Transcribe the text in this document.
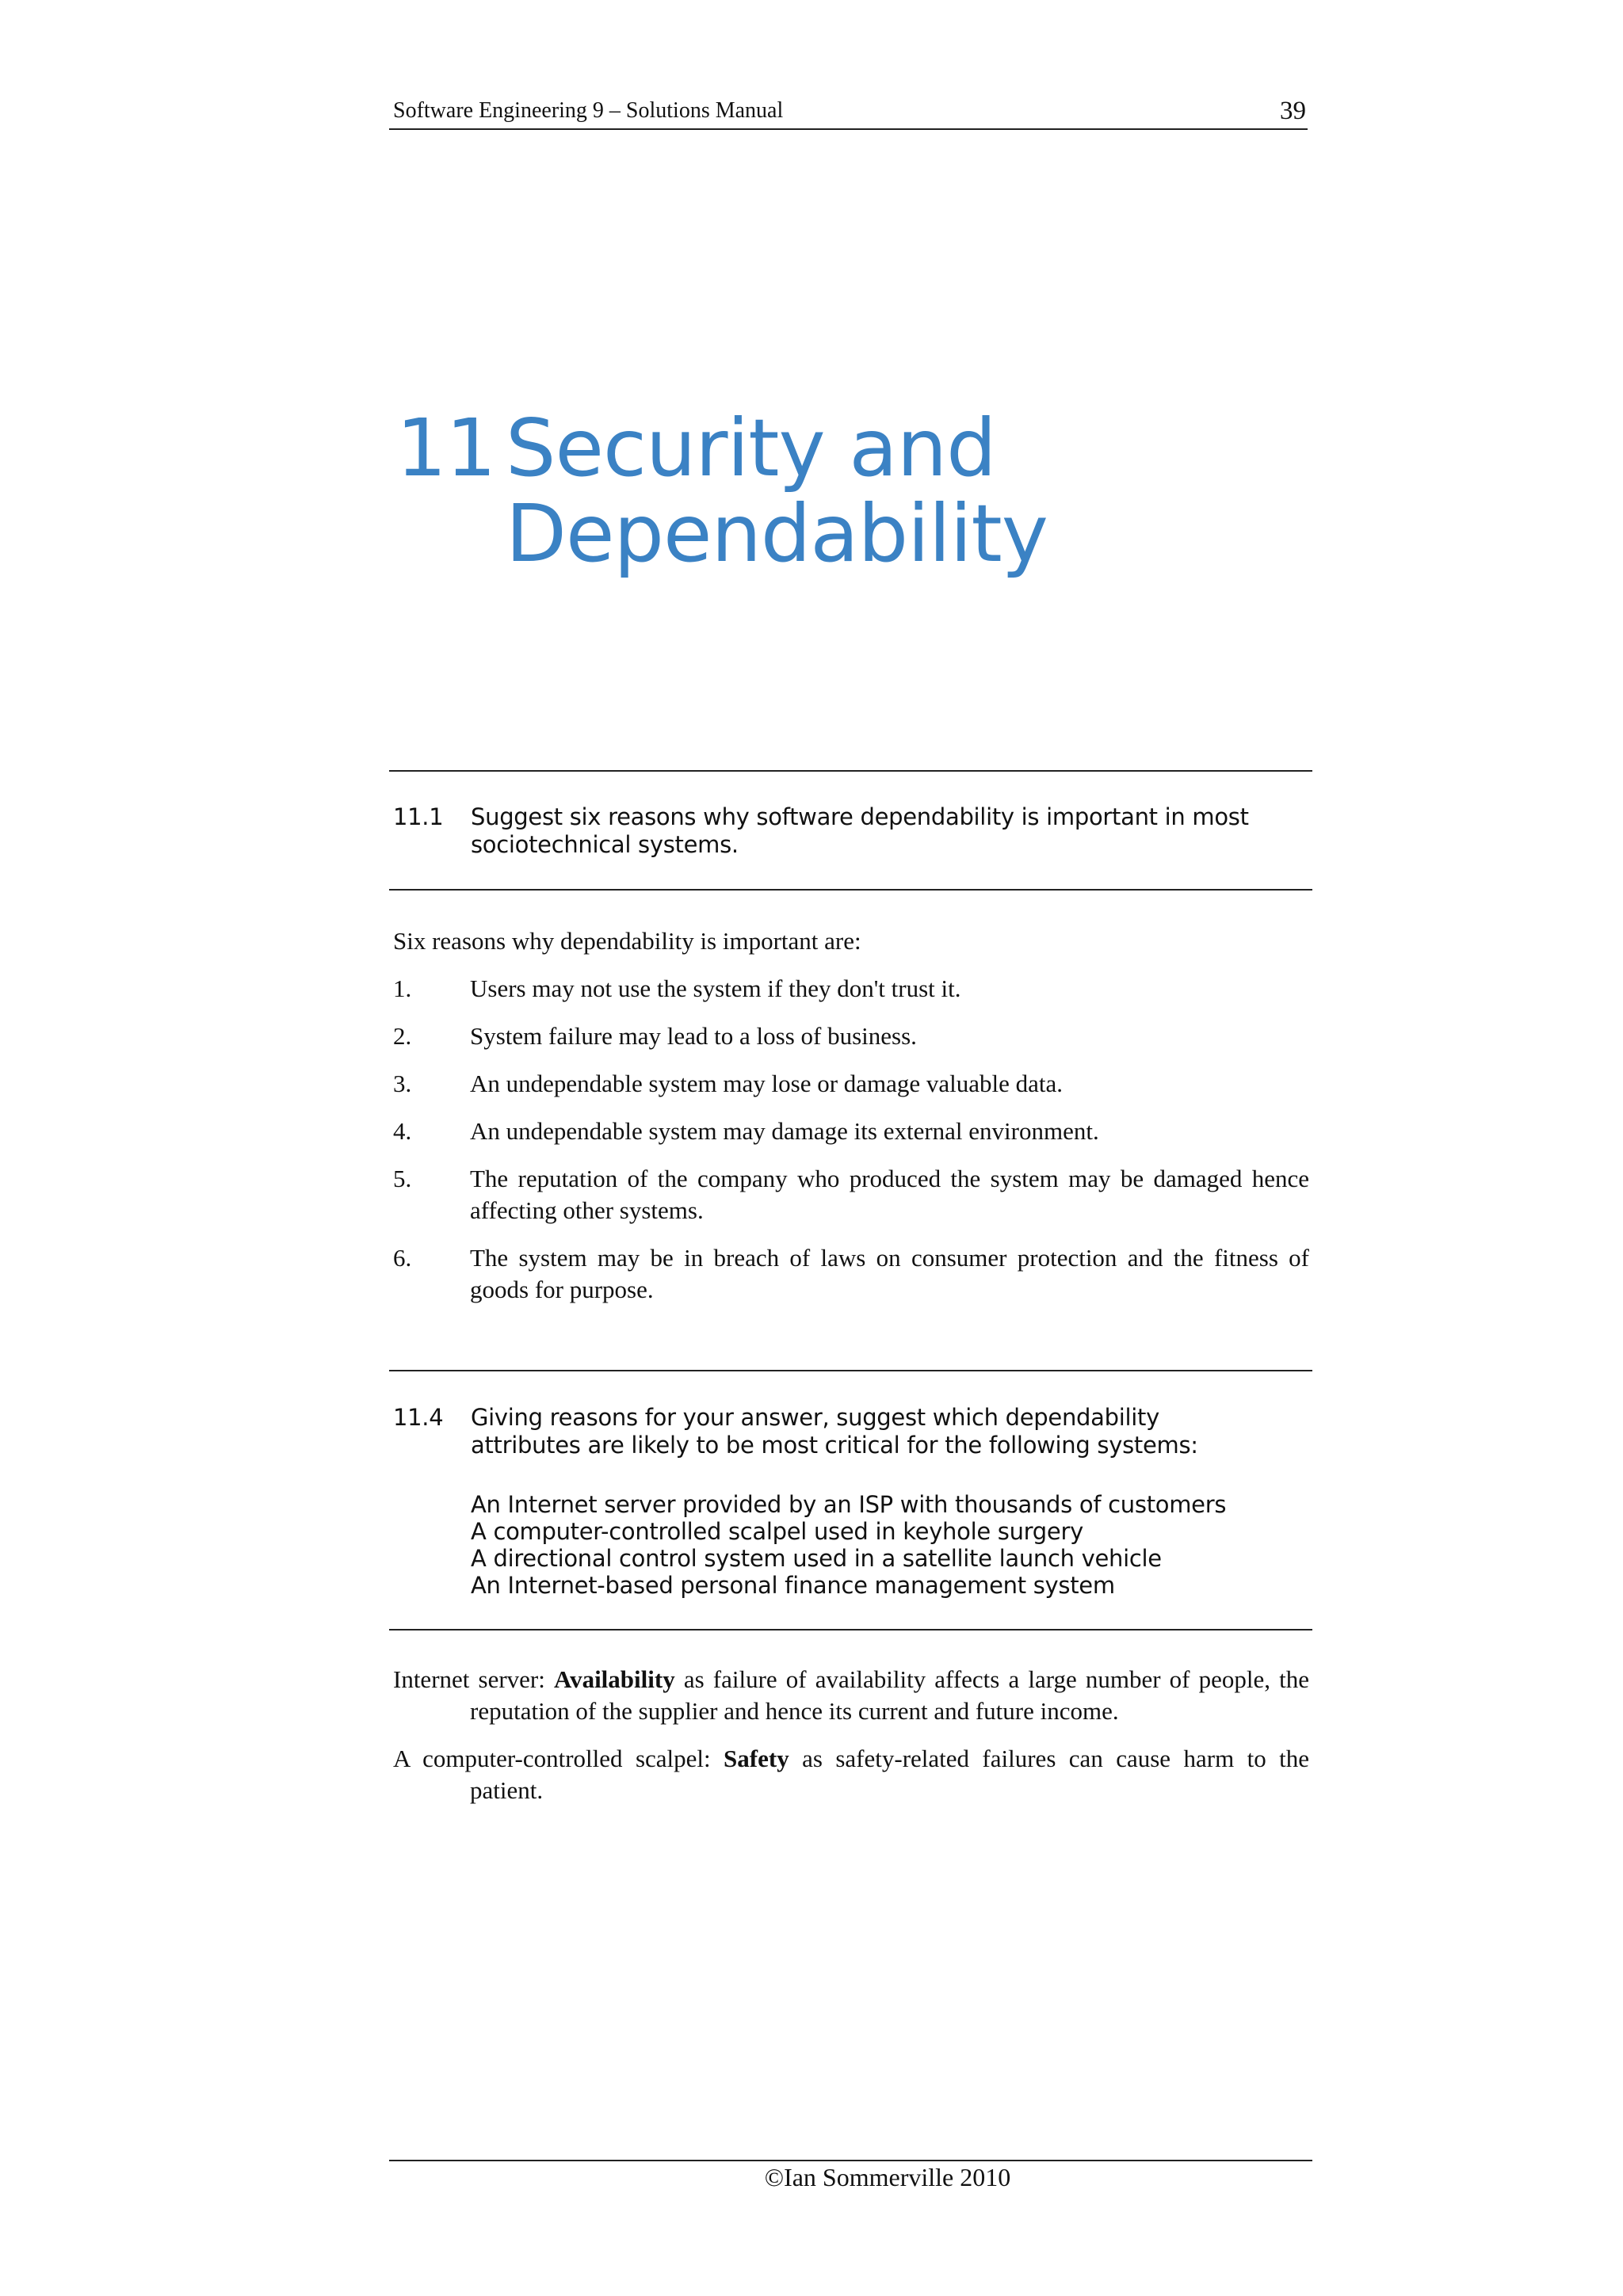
Software Engineering 9 – Solutions Manual	39
11 Security and
Dependability
11.1 Suggest six reasons why software dependability is important in most sociotechnical systems.

Six reasons why dependability is important are:

1. Users may not use the system if they don't trust it.
2. System failure may lead to a loss of business.
3. An undependable system may lose or damage valuable data.
4. An undependable system may damage its external environment.
5. The reputation of the company who produced the system may be damaged hence affecting other systems.
6. The system may be in breach of laws on consumer protection and the fitness of goods for purpose.
11.4 Giving reasons for your answer, suggest which dependability attributes are likely to be most critical for the following systems:
An Internet server provided by an ISP with thousands of customers
A computer-controlled scalpel used in keyhole surgery
A directional control system used in a satellite launch vehicle
An Internet-based personal finance management system

Internet server: Availability as failure of availability affects a large number of people, the reputation of the supplier and hence its current and future income.

A computer-controlled scalpel: Safety as safety-related failures can cause harm to the patient.

©Ian Sommerville 2010
